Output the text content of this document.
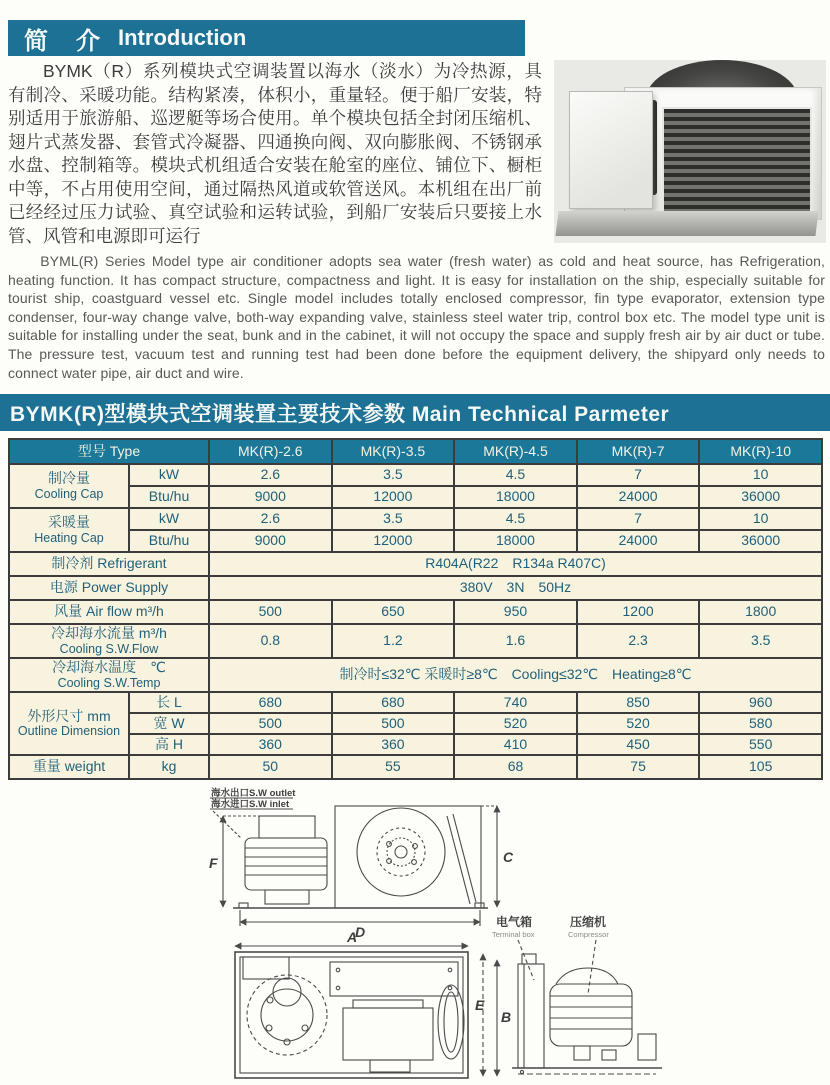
简　介 Introduction

BYMK（R）系列模块式空调装置以海水（淡水）为冷热源，具有制冷、采暖功能。结构紧凑，体积小，重量轻。便于船厂安装，特别适用于旅游船、巡逻艇等场合使用。单个模块包括全封闭压缩机、翅片式蒸发器、套管式冷凝器、四通换向阀、双向膨胀阀、不锈钢承水盘、控制箱等。模块式机组适合安装在舱室的座位、铺位下、橱柜中等，不占用使用空间，通过隔热风道或软管送风。本机组在出厂前已经经过压力试验、真空试验和运转试验，到船厂安装后只要接上水管、风管和电源即可运行

BYML(R) Series Model type air conditioner adopts sea water (fresh water) as cold and heat source, has Refrigeration, heating function. It has compact structure, compactness and light. It is easy for installation on the ship, especially suitable for tourist ship, coastguard vessel etc. Single model includes totally enclosed compressor, fin type evaporator, extension type condenser, four-way change valve, both-way expanding valve, stainless steel water trip, control box etc. The model type unit is suitable for installing under the seat, bunk and in the cabinet, it will not occupy the space and supply fresh air by air duct or tube. The pressure test, vacuum test and running test had been done before the equipment delivery, the shipyard only needs to connect water pipe, air duct and wire.

BYMK(R)型模块式空调装置主要技术参数 Main Technical Parmeter
型号 Type		MK(R)-2.6	MK(R)-3.5	MK(R)-4.5	MK(R)-7	MK(R)-10

制冷量
Cooling Cap	kW	2.6	3.5	4.5	7	10
	Btu/hu	9000	12000	18000	24000	36000

采暖量
Heating Cap	kW	2.6	3.5	4.5	7	10
	Btu/hu	9000	12000	18000	24000	36000
制冷剂 Refrigerant		R404A(R22　R134a R407C)				
电源 Power Supply		380V　3N　50Hz				
风量 Air flow m³/h		500	650	950	1200	1800

冷却海水流量 m³/h
Cooling S.W.Flow		0.8	1.2	1.6	2.3	3.5

冷却海水温度　℃
Cooling S.W.Temp		制冷时≤32℃ 采暖时≥8℃　Cooling≤32℃　Heating≥8℃				

外形尺寸 mm
Outline Dimension	长 L	680	680	740	850	960
	宽 W	500	500	520	520	580
	高 H	360	360	410	450	550
重量 weight	kg	50	55	68	75	105
海水出口S.W outlet
海水进口S.W inlet
F	C
D
A
E
B
电气箱
Terminal box
压缩机
Compressor
